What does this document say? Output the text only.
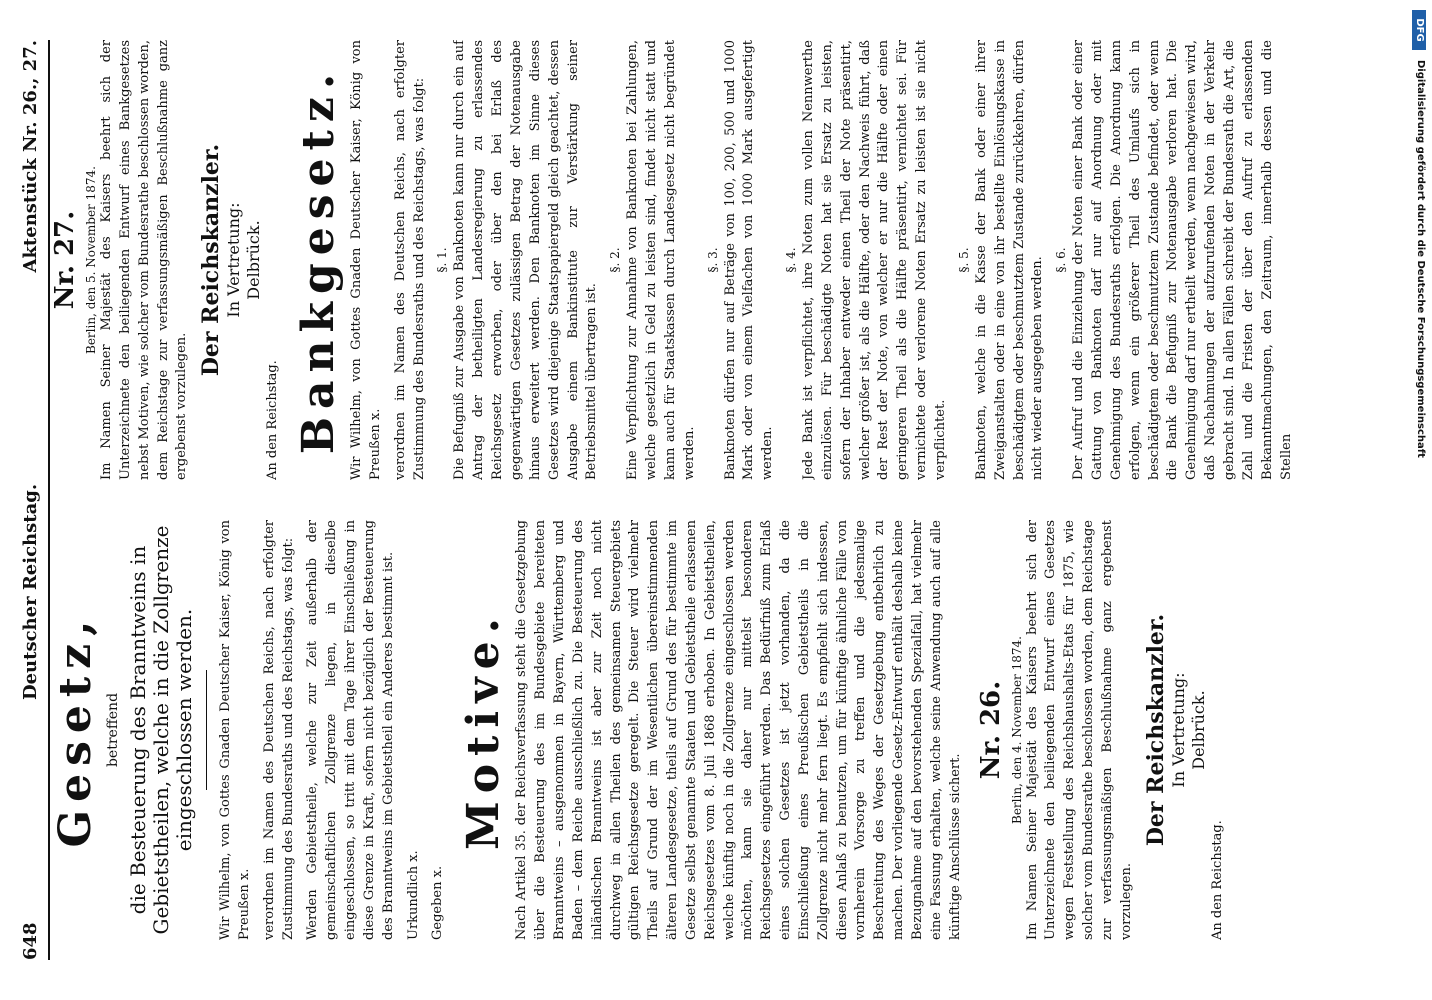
648
Deutscher Reichstag.
Aktenstück Nr. 26., 27.
Gesetz, betreffend die Besteuerung des Branntweins in Gebietstheilen, welche in die Zollgrenze eingeschlossen werden. Wir Wilhelm, von Gottes Gnaden Deutscher Kaiser, König von Preußen x. verordnen im Namen des Deutschen Reichs, nach erfolgter Zustimmung des Bundesraths und des Reichstags, was folgt: Werden Gebietstheile, welche zur Zeit außerhalb der gemeinschaftlichen Zollgrenze liegen, in dieselbe eingeschlossen, so tritt mit dem Tage ihrer Einschließung in diese Grenze in Kraft, sofern nicht bezüglich der Besteuerung des Branntweins im Gebietstheil ein Anderes bestimmt ist. Urkundlich x. Gegeben x.

Motive. Nach Artikel 35. der Reichsverfassung steht die Gesetzgebung über die Besteuerung des im Bundesgebiete bereiteten Branntweins – ausgenommen in Bayern, Württemberg und Baden – dem Reiche ausschließlich zu. Die Besteuerung des inländischen Branntweins ist aber zur Zeit noch nicht durchweg in allen Theilen des gemeinsamen Steuergebiets gültigen Reichsgesetze geregelt. Die Steuer wird vielmehr Theils auf Grund der im Wesentlichen übereinstimmenden älteren Landesgesetze, theils auf Grund des für bestimmte im Gesetze selbst genannte Staaten und Gebietstheile erlassenen Reichsgesetzes vom 8. Juli 1868 erhoben. In Gebietstheilen, welche künftig noch in die Zollgrenze eingeschlossen werden möchten, kann sie daher nur mittelst besonderen Reichsgesetzes eingeführt werden. Das Bedürfniß zum Erlaß eines solchen Gesetzes ist jetzt vorhanden, da die Einschließung eines Preußischen Gebietstheils in die Zollgrenze nicht mehr fern liegt. Es empfiehlt sich indessen, diesen Anlaß zu benutzen, um für künftige ähnliche Fälle von vornherein Vorsorge zu treffen und die jedesmalige Beschreitung des Weges der Gesetzgebung entbehrlich zu machen. Der vorliegende Gesetz-Entwurf enthält deshalb keine Bezugnahme auf den bevorstehenden Spezialfall, hat vielmehr eine Fassung erhalten, welche seine Anwendung auch auf alle künftige Anschlüsse sichert.

Nr. 26. Berlin, den 4. November 1874. Im Namen Seiner Majestät des Kaisers beehrt sich der Unterzeichnete den beiliegenden Entwurf eines Gesetzes wegen Feststellung des Reichshaushalts-Etats für 1875, wie solcher vom Bundesrathe beschlossen worden, dem Reichstage zur verfassungsmäßigen Beschlußnahme ganz ergebenst vorzulegen.

Der Reichskanzler. In Vertretung: Delbrück.

An den Reichstag.

Nr. 27. Berlin, den 5. November 1874. Im Namen Seiner Majestät des Kaisers beehrt sich der Unterzeichnete den beiliegenden Entwurf eines Bankgesetzes nebst Motiven, wie solcher vom Bundesrathe beschlossen worden, dem Reichstage zur verfassungsmäßigen Beschlußnahme ganz ergebenst vorzulegen.

Der Reichskanzler. In Vertretung: Delbrück.

An den Reichstag. Bankgesetz. Wir Wilhelm, von Gottes Gnaden Deutscher Kaiser, König von Preußen x. verordnen im Namen des Deutschen Reichs, nach erfolgter Zustimmung des Bundesraths und des Reichstags, was folgt: §. 1. Die Befugniß zur Ausgabe von Banknoten kann nur durch ein auf Antrag der betheiligten Landesregierung zu erlassendes Reichsgesetz erworben, oder über den bei Erlaß des gegenwärtigen Gesetzes zulässigen Betrag der Notenausgabe hinaus erweitert werden. Den Banknoten im Sinne dieses Gesetzes wird diejenige Staatspapiergeld gleich geachtet, dessen Ausgabe einem Bankinstitute zur Verstärkung seiner Betriebsmittel übertragen ist.

§. 2. Eine Verpflichtung zur Annahme von Banknoten bei Zahlungen, welche gesetzlich in Geld zu leisten sind, findet nicht statt und kann auch für Staatskassen durch Landesgesetz nicht begründet werden.

§. 3. Banknoten dürfen nur auf Beträge von 100, 200, 500 und 1000 Mark oder von einem Vielfachen von 1000 Mark ausgefertigt werden.

§. 4. Jede Bank ist verpflichtet, ihre Noten zum vollen Nennwerthe einzulösen. Für beschädigte Noten hat sie Ersatz zu leisten, sofern der Inhaber entweder einen Theil der Note präsentirt, welcher größer ist, als die Hälfte, oder den Nachweis führt, daß der Rest der Note, von welcher er nur die Hälfte oder einen geringeren Theil als die Hälfte präsentirt, vernichtet sei. Für vernichtete oder verlorene Noten Ersatz zu leisten ist sie nicht verpflichtet.

§. 5. Banknoten, welche in die Kasse der Bank oder einer ihrer Zweiganstalten oder in eine von ihr bestellte Einlösungskasse in beschädigtem oder beschmutztem Zustande zurückkehren, dürfen nicht wieder ausgegeben werden. §. 6. Der Aufruf und die Einziehung der Noten einer Bank oder einer Gattung von Banknoten darf nur auf Anordnung oder mit Genehmigung des Bundesraths erfolgen. Die Anordnung kann erfolgen, wenn ein größerer Theil des Umlaufs sich in beschädigtem oder beschmutztem Zustande befindet, oder wenn die Bank die Befugniß zur Notenausgabe verloren hat. Die Genehmigung darf nur ertheilt werden, wenn nachgewiesen wird, daß Nachahmungen der aufzurufenden Noten in der Verkehr gebracht sind. In allen Fällen schreibt der Bundesrath die Art, die Zahl und die Fristen der über den Aufruf zu erlassenden Bekanntmachungen, den Zeitraum, innerhalb dessen und die Stellen

DFG
Digitalisierung gefördert durch die Deutsche Forschungsgemeinschaft
